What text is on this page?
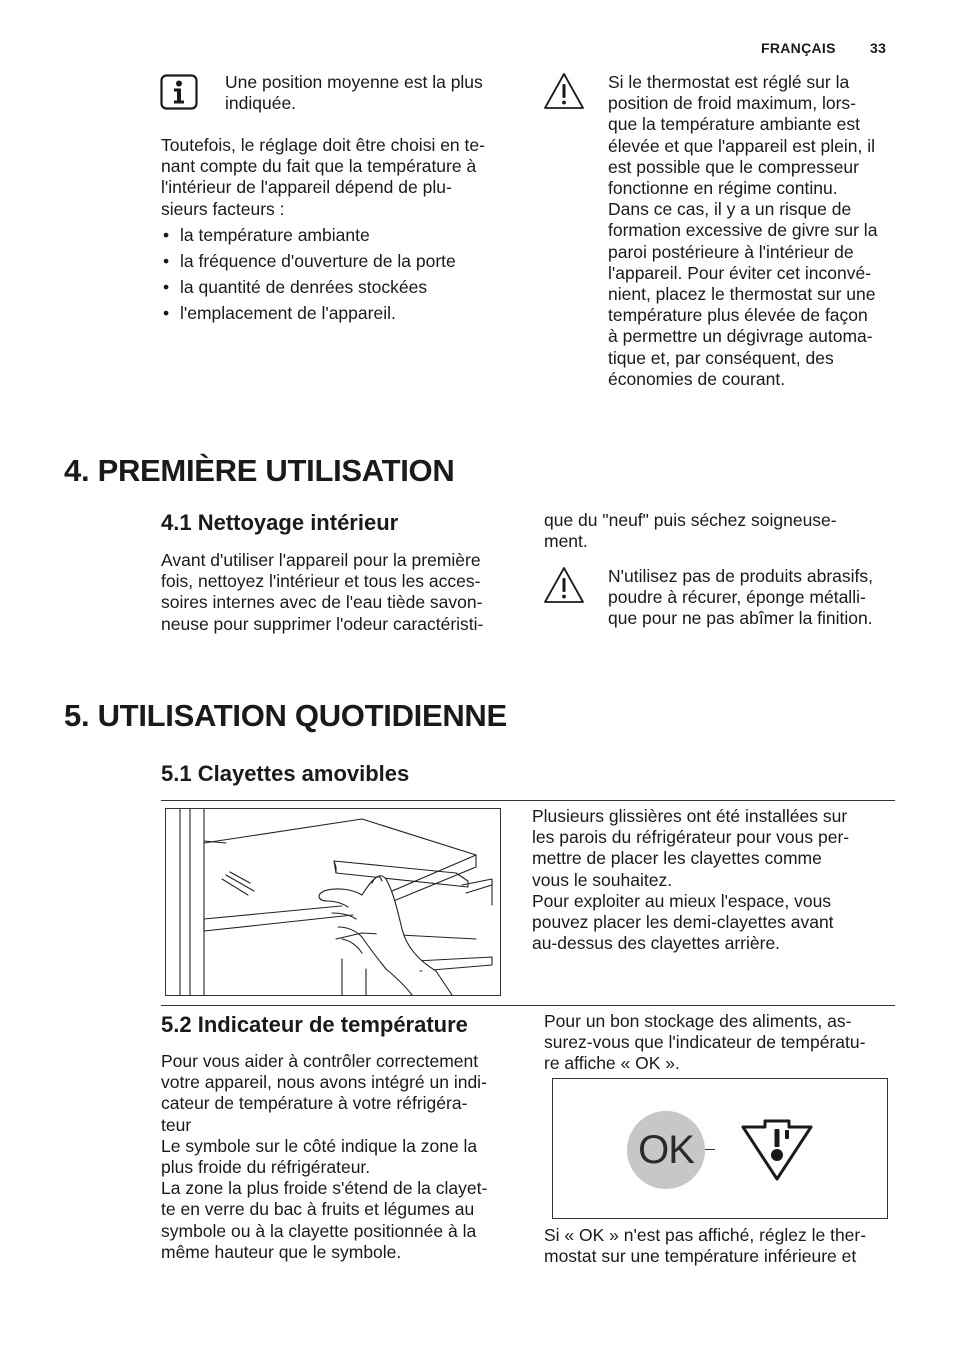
FRANÇAIS 33

Une position moyenne est la plus

indiquée.

Toutefois, le réglage doit être choisi en te-

nant compte du fait que la température à

l'intérieur de l'appareil dépend de plu-

sieurs facteurs :

• la température ambiante
• la fréquence d'ouverture de la porte
• la quantité de denrées stockées
• l'emplacement de l'appareil.

Si le thermostat est réglé sur la

position de froid maximum, lors-

que la température ambiante est

élevée et que l'appareil est plein, il

est possible que le compresseur

fonctionne en régime continu.

Dans ce cas, il y a un risque de

formation excessive de givre sur la

paroi postérieure à l'intérieur de

l'appareil. Pour éviter cet inconvé-

nient, placez le thermostat sur une

température plus élevée de façon

à permettre un dégivrage automa-

tique et, par conséquent, des

économies de courant.

4. PREMIÈRE UTILISATION
4.1 Nettoyage intérieur

Avant d'utiliser l'appareil pour la première

fois, nettoyez l'intérieur et tous les acces-

soires internes avec de l'eau tiède savon-

neuse pour supprimer l'odeur caractéristi-

que du "neuf" puis séchez soigneuse-

ment.

N'utilisez pas de produits abrasifs,

poudre à récurer, éponge métalli-

que pour ne pas abîmer la finition.

5. UTILISATION QUOTIDIENNE
5.1 Clayettes amovibles

Plusieurs glissières ont été installées sur

les parois du réfrigérateur pour vous per-

mettre de placer les clayettes comme

vous le souhaitez.

Pour exploiter au mieux l'espace, vous

pouvez placer les demi-clayettes avant

au-dessus des clayettes arrière.

5.2 Indicateur de température

Pour vous aider à contrôler correctement

votre appareil, nous avons intégré un indi-

cateur de température à votre réfrigéra-

teur

Le symbole sur le côté indique la zone la

plus froide du réfrigérateur.

La zone la plus froide s'étend de la clayet-

te en verre du bac à fruits et légumes au

symbole ou à la clayette positionnée à la

même hauteur que le symbole.

Pour un bon stockage des aliments, as-

surez-vous que l'indicateur de températu-

re affiche « OK ».

OK

Si « OK » n'est pas affiché, réglez le ther-

mostat sur une température inférieure et
